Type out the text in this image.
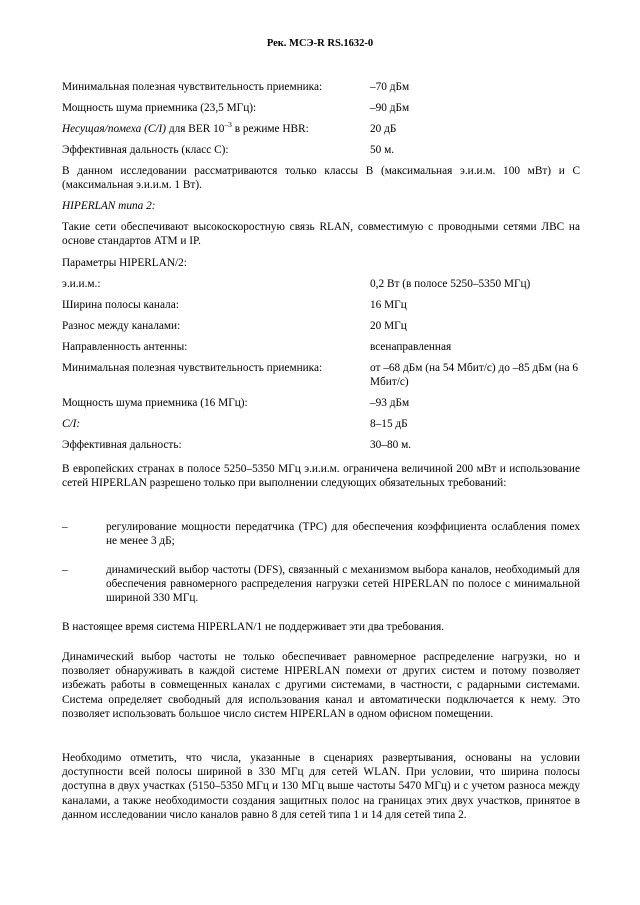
Рек. МСЭ-R RS.1632-0
Минимальная полезная чувствительность приемника:	–70 дБм
Мощность шума приемника (23,5 МГц):	–90 дБм
Несущая/помеха (C/I) для BER $10^{-3}$ в режиме HBR:	20 дБ
Эффективная дальность (класс C):	50 м.
В данном исследовании рассматриваются только классы B (максимальная э.и.и.м. 100 мВт) и C (максимальная э.и.и.м. 1 Вт).
HIPERLAN типа 2:
Такие сети обеспечивают высокоскоростную связь RLAN, совместимую с проводными сетями ЛВС на основе стандартов ATM и IP.
Параметры HIPERLAN/2:
э.и.и.м.:	0,2 Вт (в полосе 5250–5350 МГц)
Ширина полосы канала:	16 МГц
Разнос между каналами:	20 МГц
Направленность антенны:	всенаправленная
Минимальная полезная чувствительность приемника:	от –68 дБм (на 54 Мбит/с) до –85 дБм (на 6 Мбит/с)
Мощность шума приемника (16 МГц):	–93 дБм
C/I:	8–15 дБ
Эффективная дальность:	30–80 м.
В европейских странах в полосе 5250–5350 МГц э.и.и.м. ограничена величиной 200 мВт и использование сетей HIPERLAN разрешено только при выполнении следующих обязательных требований:
–	регулирование мощности передатчика (TPC) для обеспечения коэффициента ослабления помех не менее 3 дБ;
–	динамический выбор частоты (DFS), связанный с механизмом выбора каналов, необходимый для обеспечения равномерного распределения нагрузки сетей HIPERLAN по полосе с минимальной шириной 330 МГц.
В настоящее время система HIPERLAN/1 не поддерживает эти два требования.
Динамический выбор частоты не только обеспечивает равномерное распределение нагрузки, но и позволяет обнаруживать в каждой системе HIPERLAN помехи от других систем и потому позволяет избежать работы в совмещенных каналах с другими системами, в частности, с радарными системами. Система определяет свободный для использования канал и автоматически подключается к нему. Это позволяет использовать большое число систем HIPERLAN в одном офисном помещении.
Необходимо отметить, что числа, указанные в сценариях развертывания, основаны на условии доступности всей полосы шириной в 330 МГц для сетей WLAN. При условии, что ширина полосы доступна в двух участках (5150–5350 МГц и 130 МГц выше частоты 5470 МГц) и с учетом разноса между каналами, а также необходимости создания защитных полос на границах этих двух участков, принятое в данном исследовании число каналов равно 8 для сетей типа 1 и 14 для сетей типа 2.
